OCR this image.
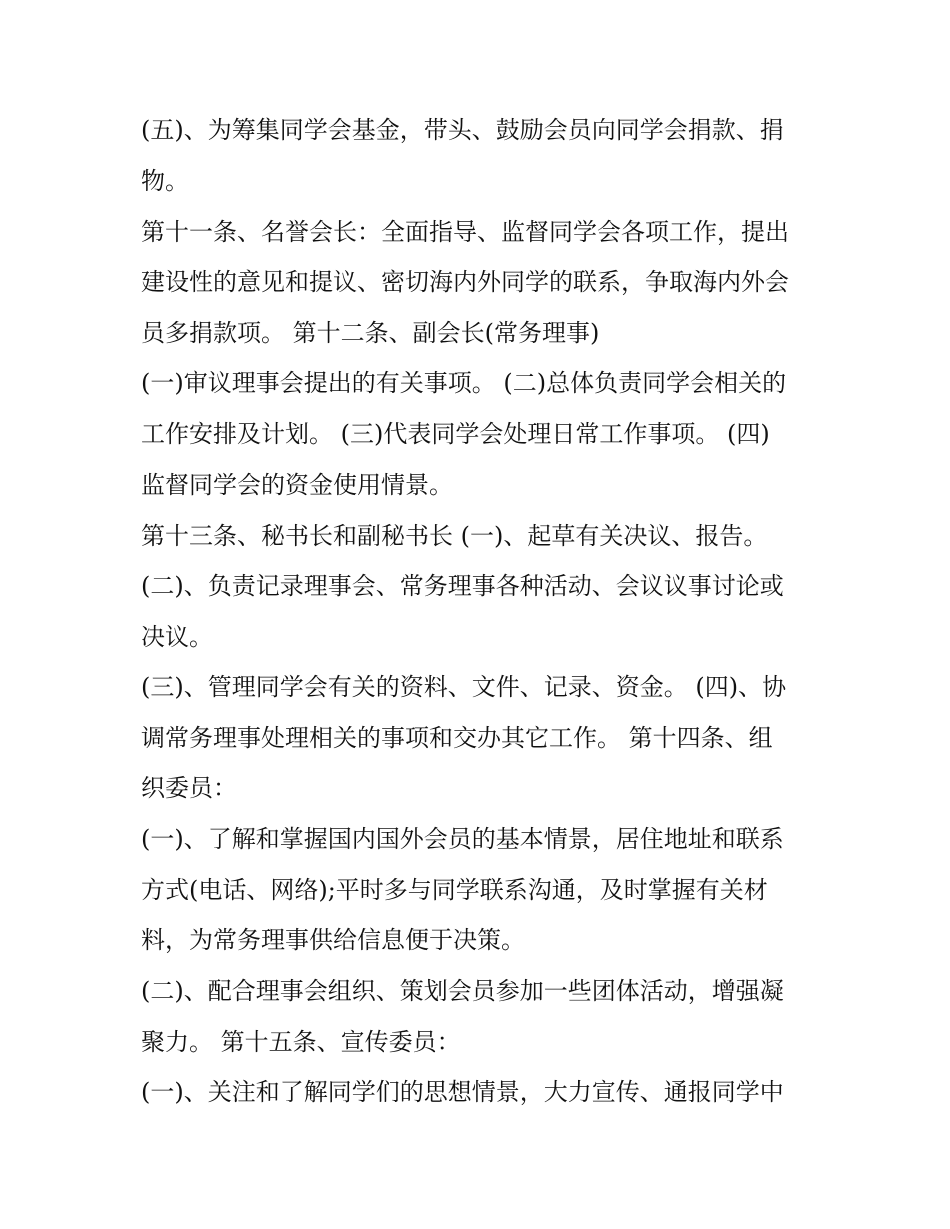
(五)、为筹集同学会基金，带头、鼓励会员向同学会捐款、捐
物。
第十一条、名誉会长：全面指导、监督同学会各项工作，提出
建设性的意见和提议、密切海内外同学的联系，争取海内外会
员多捐款项。 第十二条、副会长(常务理事)
(一)审议理事会提出的有关事项。 (二)总体负责同学会相关的
工作安排及计划。 (三)代表同学会处理日常工作事项。 (四)
监督同学会的资金使用情景。
第十三条、秘书长和副秘书长 (一)、起草有关决议、报告。
(二)、负责记录理事会、常务理事各种活动、会议议事讨论或
决议。
(三)、管理同学会有关的资料、文件、记录、资金。 (四)、协
调常务理事处理相关的事项和交办其它工作。 第十四条、组
织委员：
(一)、了解和掌握国内国外会员的基本情景，居住地址和联系
方式(电话、网络);平时多与同学联系沟通，及时掌握有关材
料，为常务理事供给信息便于决策。
(二)、配合理事会组织、策划会员参加一些团体活动，增强凝
聚力。 第十五条、宣传委员：
(一)、关注和了解同学们的思想情景，大力宣传、通报同学中
